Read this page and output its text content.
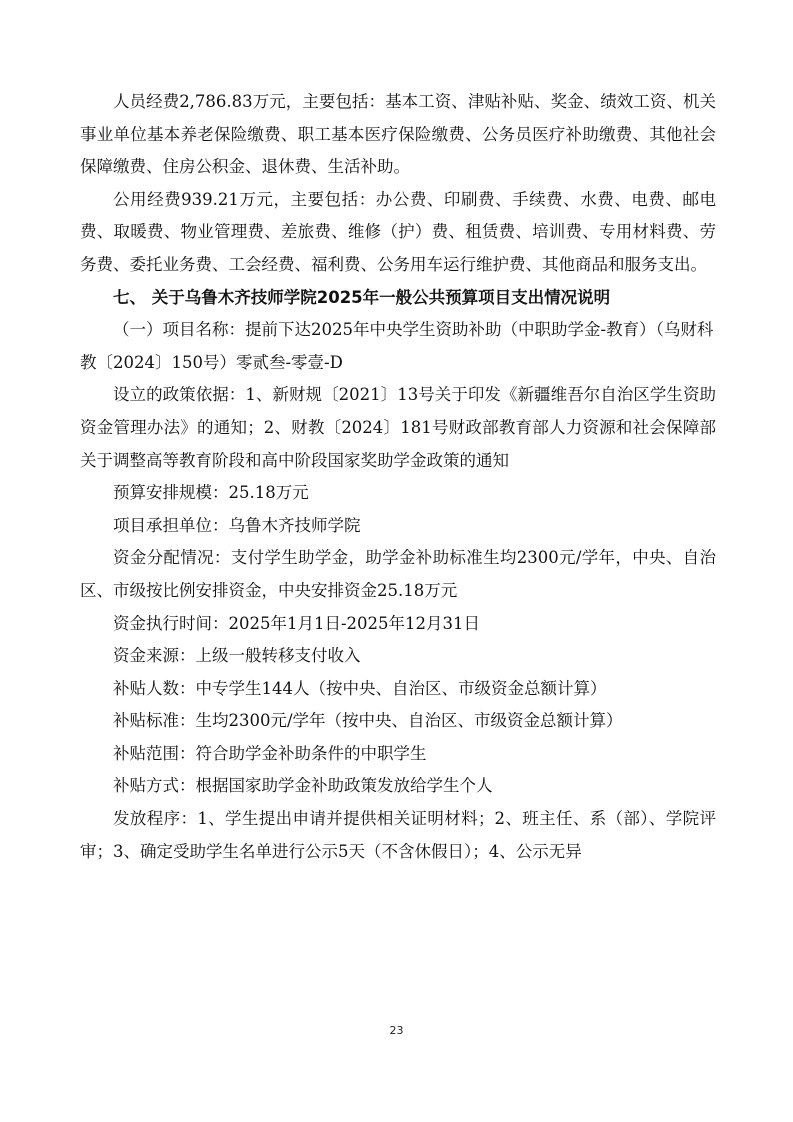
人员经费2,786.83万元，主要包括：基本工资、津贴补贴、奖金、绩效工资、机关事业单位基本养老保险缴费、职工基本医疗保险缴费、公务员医疗补助缴费、其他社会保障缴费、住房公积金、退休费、生活补助。

公用经费939.21万元，主要包括：办公费、印刷费、手续费、水费、电费、邮电费、取暖费、物业管理费、差旅费、维修（护）费、租赁费、培训费、专用材料费、劳务费、委托业务费、工会经费、福利费、公务用车运行维护费、其他商品和服务支出。

七、 关于乌鲁木齐技师学院2025年一般公共预算项目支出情况说明

（一）项目名称：提前下达2025年中央学生资助补助（中职助学金-教育）（乌财科教〔2024〕150号）零贰叁-零壹-D

设立的政策依据：1、新财规〔2021〕13号关于印发《新疆维吾尔自治区学生资助资金管理办法》的通知；2、财教〔2024〕181号财政部教育部人力资源和社会保障部关于调整高等教育阶段和高中阶段国家奖助学金政策的通知

预算安排规模：25.18万元

项目承担单位：乌鲁木齐技师学院

资金分配情况：支付学生助学金，助学金补助标准生均2300元/学年，中央、自治区、市级按比例安排资金，中央安排资金25.18万元

资金执行时间：2025年1月1日-2025年12月31日

资金来源：上级一般转移支付收入

补贴人数：中专学生144人（按中央、自治区、市级资金总额计算）

补贴标准：生均2300元/学年（按中央、自治区、市级资金总额计算）

补贴范围：符合助学金补助条件的中职学生

补贴方式：根据国家助学金补助政策发放给学生个人

发放程序：1、学生提出申请并提供相关证明材料；2、班主任、系（部）、学院评审；3、确定受助学生名单进行公示5天（不含休假日）；4、公示无异

23
